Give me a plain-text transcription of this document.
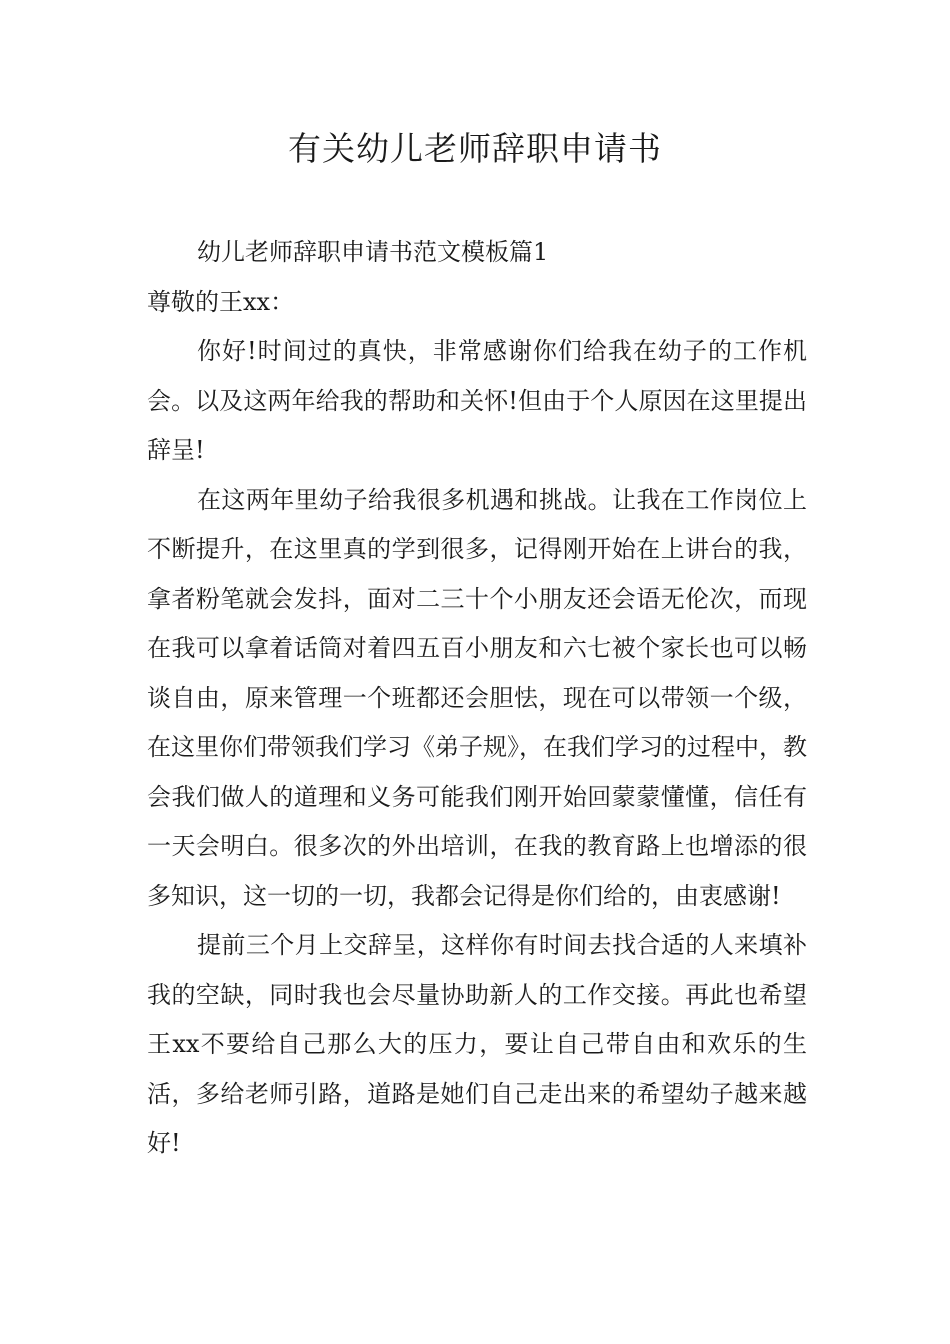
有关幼儿老师辞职申请书

幼儿老师辞职申请书范文模板篇1

尊敬的王xx：

你好!时间过的真快，非常感谢你们给我在幼子的工作机会。以及这两年给我的帮助和关怀!但由于个人原因在这里提出辞呈!

在这两年里幼子给我很多机遇和挑战。让我在工作岗位上不断提升，在这里真的学到很多，记得刚开始在上讲台的我，拿者粉笔就会发抖，面对二三十个小朋友还会语无伦次，而现在我可以拿着话筒对着四五百小朋友和六七被个家长也可以畅谈自由，原来管理一个班都还会胆怯，现在可以带领一个级，在这里你们带领我们学习《弟子规》，在我们学习的过程中，教会我们做人的道理和义务可能我们刚开始回蒙蒙懂懂，信任有一天会明白。很多次的外出培训，在我的教育路上也增添的很多知识，这一切的一切，我都会记得是你们给的，由衷感谢!

提前三个月上交辞呈，这样你有时间去找合适的人来填补我的空缺，同时我也会尽量协助新人的工作交接。再此也希望王xx不要给自己那么大的压力，要让自己带自由和欢乐的生活，多给老师引路，道路是她们自己走出来的希望幼子越来越好!
